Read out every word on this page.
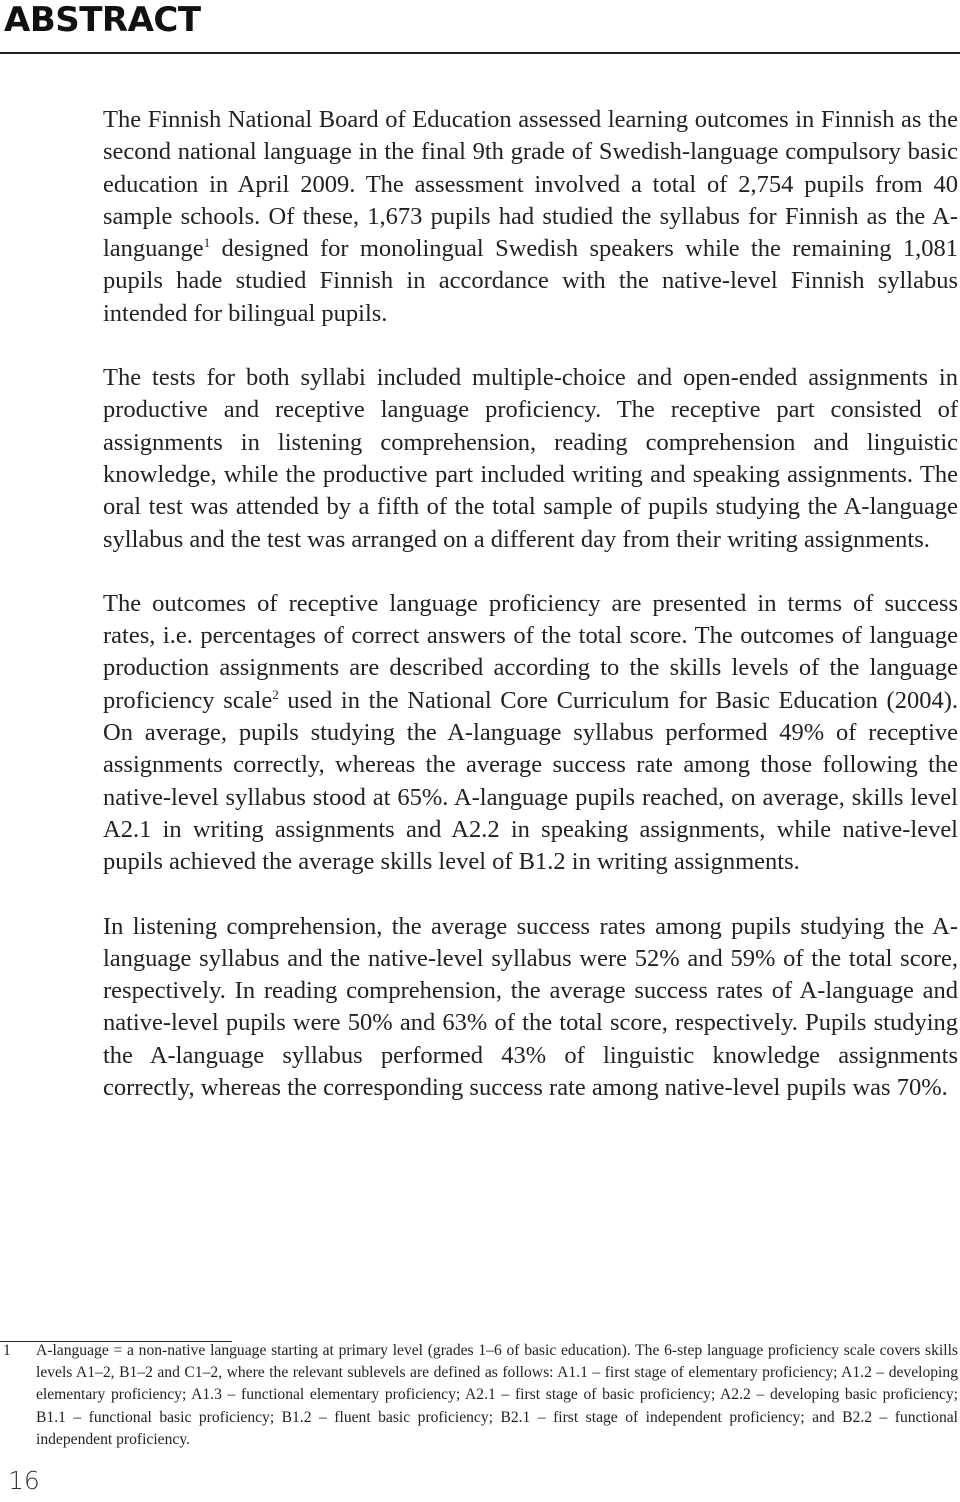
ABSTRACT

The Finnish National Board of Education assessed learning outcomes in Finnish as the second national language in the final 9th grade of Swedish-language compulsory basic education in April 2009. The assessment involved a total of 2,754 pupils from 40 sample schools. Of these, 1,673 pupils had studied the syllabus for Finnish as the A-languange$^1$ designed for monolingual Swedish speakers while the remaining 1,081 pupils hade studied Finnish in accordance with the native-level Finnish syllabus intended for bilingual pupils.

The tests for both syllabi included multiple-choice and open-ended assignments in productive and receptive language proficiency. The receptive part consisted of assignments in listening comprehension, reading comprehension and linguistic knowledge, while the productive part included writing and speaking assignments. The oral test was attended by a fifth of the total sample of pupils studying the A-language syllabus and the test was arranged on a different day from their writing assignments.

The outcomes of receptive language proficiency are presented in terms of success rates, i.e. percentages of correct answers of the total score. The outcomes of language production assignments are described according to the skills levels of the language proficiency scale$^2$ used in the National Core Curriculum for Basic Education (2004). On average, pupils studying the A-language syllabus performed 49% of receptive assignments correctly, whereas the average success rate among those following the native-level syllabus stood at 65%. A-language pupils reached, on average, skills level A2.1 in writing assignments and A2.2 in speaking assignments, while native-level pupils achieved the average skills level of B1.2 in writing assignments.

In listening comprehension, the average success rates among pupils studying the A-language syllabus and the native-level syllabus were 52% and 59% of the total score, respectively. In reading comprehension, the average success rates of A-language and native-level pupils were 50% and 63% of the total score, respectively. Pupils studying the A-language syllabus performed 43% of linguistic knowledge assignments correctly, whereas the corresponding success rate among native-level pupils was 70%.

1 A-language = a non-native language starting at primary level (grades 1–6 of basic education). The 6-step language proficiency scale covers skills levels A1–2, B1–2 and C1–2, where the relevant sublevels are defined as follows: A1.1 – first stage of elementary proficiency; A1.2 – developing elementary proficiency; A1.3 – functional elementary proficiency; A2.1 – first stage of basic proficiency; A2.2 – developing basic proficiency; B1.1 – functional basic proficiency; B1.2 – fluent basic proficiency; B2.1 – first stage of independent proficiency; and B2.2 – functional independent proficiency.
16
